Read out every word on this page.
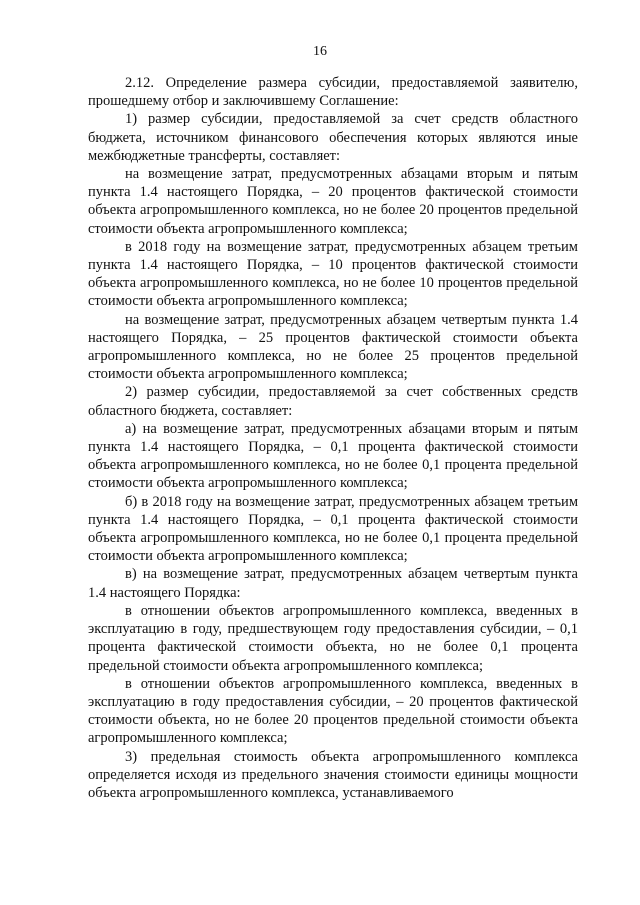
16

2.12. Определение размера субсидии, предоставляемой заявителю, прошедшему отбор и заключившему Соглашение:

1) размер субсидии, предоставляемой за счет средств областного бюджета, источником финансового обеспечения которых являются иные межбюджетные трансферты, составляет:

на возмещение затрат, предусмотренных абзацами вторым и пятым пункта 1.4 настоящего Порядка, – 20 процентов фактической стоимости объекта агропромышленного комплекса, но не более 20 процентов предельной стоимости объекта агропромышленного комплекса;

в 2018 году на возмещение затрат, предусмотренных абзацем третьим пункта 1.4 настоящего Порядка, – 10 процентов фактической стоимости объекта агропромышленного комплекса, но не более 10 процентов предельной стоимости объекта агропромышленного комплекса;

на возмещение затрат, предусмотренных абзацем четвертым пункта 1.4 настоящего Порядка, – 25 процентов фактической стоимости объекта агропромышленного комплекса, но не более 25 процентов предельной стоимости объекта агропромышленного комплекса;

2) размер субсидии, предоставляемой за счет собственных средств областного бюджета, составляет:

а) на возмещение затрат, предусмотренных абзацами вторым и пятым пункта 1.4 настоящего Порядка, – 0,1 процента фактической стоимости объекта агропромышленного комплекса, но не более 0,1 процента предельной стоимости объекта агропромышленного комплекса;

б) в 2018 году на возмещение затрат, предусмотренных абзацем третьим пункта 1.4 настоящего Порядка, – 0,1 процента фактической стоимости объекта агропромышленного комплекса, но не более 0,1 процента предельной стоимости объекта агропромышленного комплекса;

в) на возмещение затрат, предусмотренных абзацем четвертым пункта 1.4 настоящего Порядка:

в отношении объектов агропромышленного комплекса, введенных в эксплуатацию в году, предшествующем году предоставления субсидии, – 0,1 процента фактической стоимости объекта, но не более 0,1 процента предельной стоимости объекта агропромышленного комплекса;

в отношении объектов агропромышленного комплекса, введенных в эксплуатацию в году предоставления субсидии, – 20 процентов фактической стоимости объекта, но не более 20 процентов предельной стоимости объекта агропромышленного комплекса;

3) предельная стоимость объекта агропромышленного комплекса определяется исходя из предельного значения стоимости единицы мощности объекта агропромышленного комплекса, устанавливаемого
